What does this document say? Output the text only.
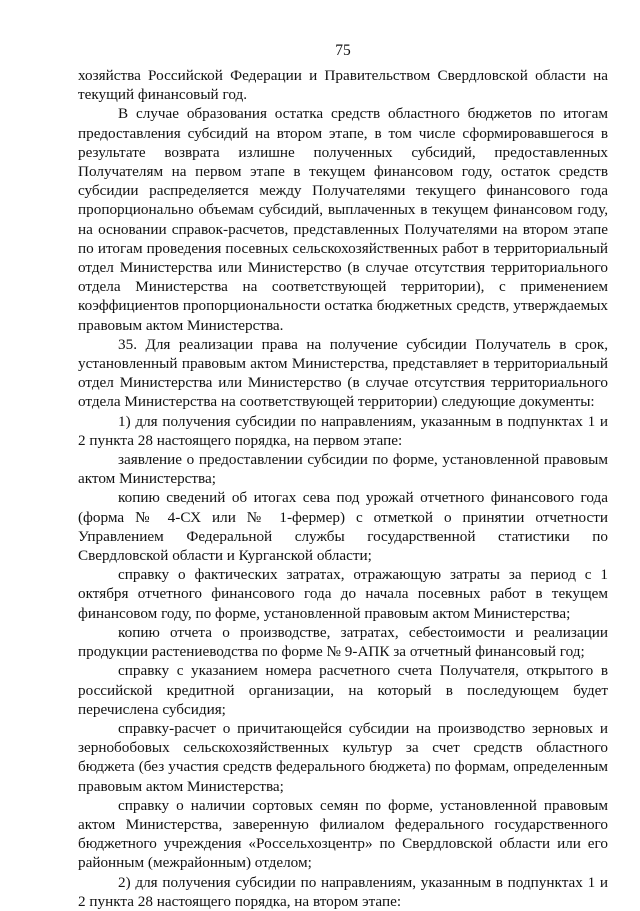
75

хозяйства Российской Федерации и Правительством Свердловской области на текущий финансовый год.

В случае образования остатка средств областного бюджетов по итогам предоставления субсидий на втором этапе, в том числе сформировавшегося в результате возврата излишне полученных субсидий, предоставленных Получателям на первом этапе в текущем финансовом году, остаток средств субсидии распределяется между Получателями текущего финансового года пропорционально объемам субсидий, выплаченных в текущем финансовом году, на основании справок-расчетов, представленных Получателями на втором этапе по итогам проведения посевных сельскохозяйственных работ в территориальный отдел Министерства или Министерство (в случае отсутствия территориального отдела Министерства на соответствующей территории), с применением коэффициентов пропорциональности остатка бюджетных средств, утверждаемых правовым актом Министерства.

35. Для реализации права на получение субсидии Получатель в срок, установленный правовым актом Министерства, представляет в территориальный отдел Министерства или Министерство (в случае отсутствия территориального отдела Министерства на соответствующей территории) следующие документы:

1) для получения субсидии по направлениям, указанным в подпунктах 1 и 2 пункта 28 настоящего порядка, на первом этапе:

заявление о предоставлении субсидии по форме, установленной правовым актом Министерства;

копию сведений об итогах сева под урожай отчетного финансового года (форма № 4-СХ или № 1-фермер) с отметкой о принятии отчетности Управлением Федеральной службы государственной статистики по Свердловской области и Курганской области;

справку о фактических затратах, отражающую затраты за период с 1 октября отчетного финансового года до начала посевных работ в текущем финансовом году, по форме, установленной правовым актом Министерства;

копию отчета о производстве, затратах, себестоимости и реализации продукции растениеводства по форме № 9-АПК за отчетный финансовый год;

справку с указанием номера расчетного счета Получателя, открытого в российской кредитной организации, на который в последующем будет перечислена субсидия;

справку-расчет о причитающейся субсидии на производство зерновых и зернобобовых сельскохозяйственных культур за счет средств областного бюджета (без участия средств федерального бюджета) по формам, определенным правовым актом Министерства;

справку о наличии сортовых семян по форме, установленной правовым актом Министерства, заверенную филиалом федерального государственного бюджетного учреждения «Россельхозцентр» по Свердловской области или его районным (межрайонным) отделом;

2) для получения субсидии по направлениям, указанным в подпунктах 1 и 2 пункта 28 настоящего порядка, на втором этапе:
